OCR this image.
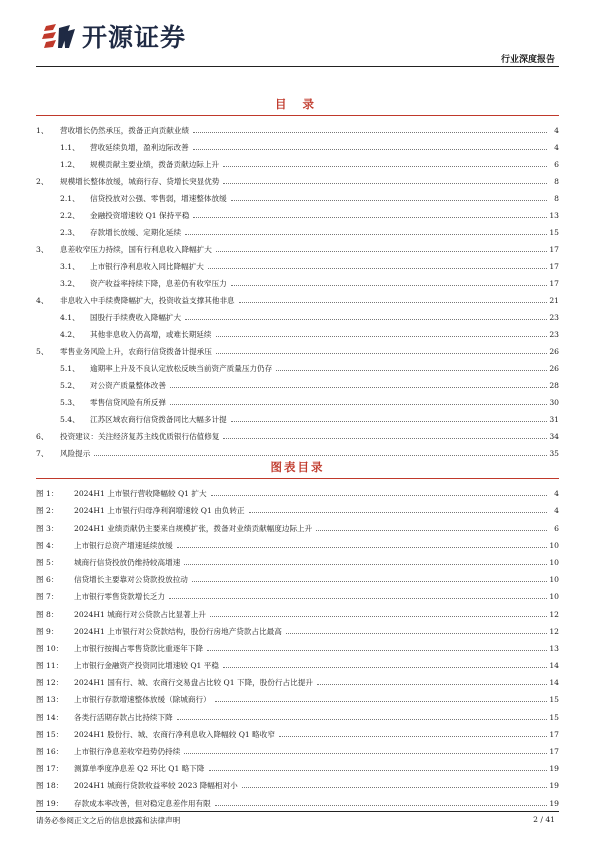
开源证券
行业深度报告
目 录
1、	营收增长仍然承压，拨备正向贡献业绩	4
1.1、	营收延续负增，盈利边际改善	4
1.2、	规模贡献主要业绩，拨备贡献边际上升	6
2、	规模增长整体放缓，城商行存、贷增长突显优势	8
2.1、	信贷投放对公强、零售弱，增速整体放缓	8
2.2、	金融投资增速较 Q1 保持平稳	13
2.3、	存款增长放缓、定期化延续	15
3、	息差收窄压力持续，国有行利息收入降幅扩大	17
3.1、	上市银行净利息收入同比降幅扩大	17
3.2、	资产收益率持续下降，息差仍有收窄压力	17
4、	非息收入中手续费降幅扩大，投资收益支撑其他非息	21
4.1、	国股行手续费收入降幅扩大	23
4.2、	其他非息收入仍高增，或难长期延续	23
5、	零售业务风险上升，农商行信贷拨备计提承压	26
5.1、	逾期率上升及不良认定放松反映当前资产质量压力仍存	26
5.2、	对公资产质量整体改善	28
5.3、	零售信贷风险有所反弹	30
5.4、	江苏区域农商行信贷拨备同比大幅多计提	31
6、	投资建议：关注经济复苏主线优质银行估值修复	34
7、	风险提示	35
图表目录
图 1：	2024H1 上市银行营收降幅较 Q1 扩大	4
图 2：	2024H1 上市银行归母净利润增速较 Q1 由负转正	4
图 3：	2024H1 业绩贡献仍主要来自规模扩张，拨备对业绩贡献幅度边际上升	6
图 4：	上市银行总资产增速延续放缓	10
图 5：	城商行信贷投放仍维持较高增速	10
图 6：	信贷增长主要靠对公贷款投放拉动	10
图 7：	上市银行零售贷款增长乏力	10
图 8：	2024H1 城商行对公贷款占比显著上升	12
图 9：	2024H1 上市银行对公贷款结构，股份行房地产贷款占比最高	12
图 10：	上市银行按揭占零售贷款比重逐年下降	13
图 11：	上市银行金融资产投资同比增速较 Q1 平稳	14
图 12：	2024H1 国有行、城、农商行交易盘占比较 Q1 下降，股份行占比提升	14
图 13：	上市银行存款增速整体放缓（除城商行）	15
图 14：	各类行活期存款占比持续下降	15
图 15：	2024H1 股份行、城、农商行净利息收入降幅较 Q1 略收窄	17
图 16：	上市银行净息差收窄趋势仍持续	17
图 17：	测算单季度净息差 Q2 环比 Q1 略下降	19
图 18：	2024H1 城商行贷款收益率较 2023 降幅相对小	19
图 19：	存款成本率改善，但对稳定息差作用有限	19
请务必参阅正文之后的信息披露和法律声明	2 / 41
